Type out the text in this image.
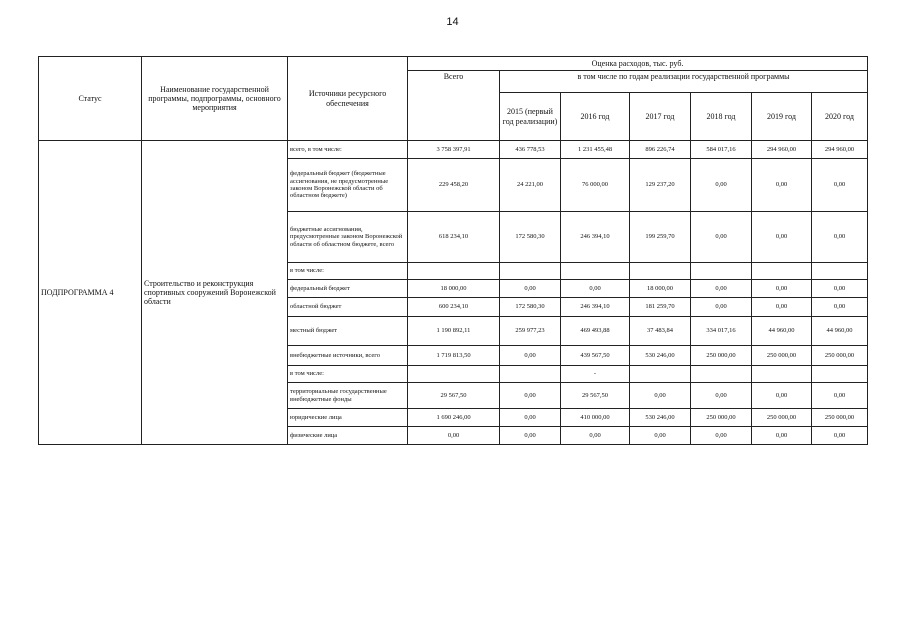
14
Статус	Наименование государственной программы, подпрограммы, основного мероприятия	Источники ресурсного обеспечения	Оценка расходов, тыс. руб.						
			Всего	в том числе по годам реализации государственной программы					
				2015 (первый год реализации)	2016 год	2017 год	2018 год	2019 год	2020 год
ПОДПРОГРАММА 4	Строительство и реконструкция спортивных сооружений Воронежской области	всего, в том числе:	3 758 397,91	436 778,53	1 231 455,48	896 226,74	584 017,16	294 960,00	294 960,00
		федеральный бюджет (бюджетные ассигнования, не предусмотренные законом Воронежской области об областном бюджете)	229 458,20	24 221,00	76 000,00	129 237,20	0,00	0,00	0,00
		бюджетные ассигнования, предусмотренные законом Воронежской области об областном бюджете, всего	618 234,10	172 580,30	246 394,10	199 259,70	0,00	0,00	0,00
		в том числе:							
		федеральный бюджет	18 000,00	0,00	0,00	18 000,00	0,00	0,00	0,00
		областной бюджет	600 234,10	172 580,30	246 394,10	181 259,70	0,00	0,00	0,00
		местный бюджет	1 190 892,11	259 977,23	469 493,88	37 483,84	334 017,16	44 960,00	44 960,00
		внебюджетные источники, всего	1 719 813,50	0,00	439 567,50	530 246,00	250 000,00	250 000,00	250 000,00
		в том числе:			-				
		территориальные государственные внебюджетные фонды	29 567,50	0,00	29 567,50	0,00	0,00	0,00	0,00
		юридические лица	1 690 246,00	0,00	410 000,00	530 246,00	250 000,00	250 000,00	250 000,00
		физические лица	0,00	0,00	0,00	0,00	0,00	0,00	0,00
